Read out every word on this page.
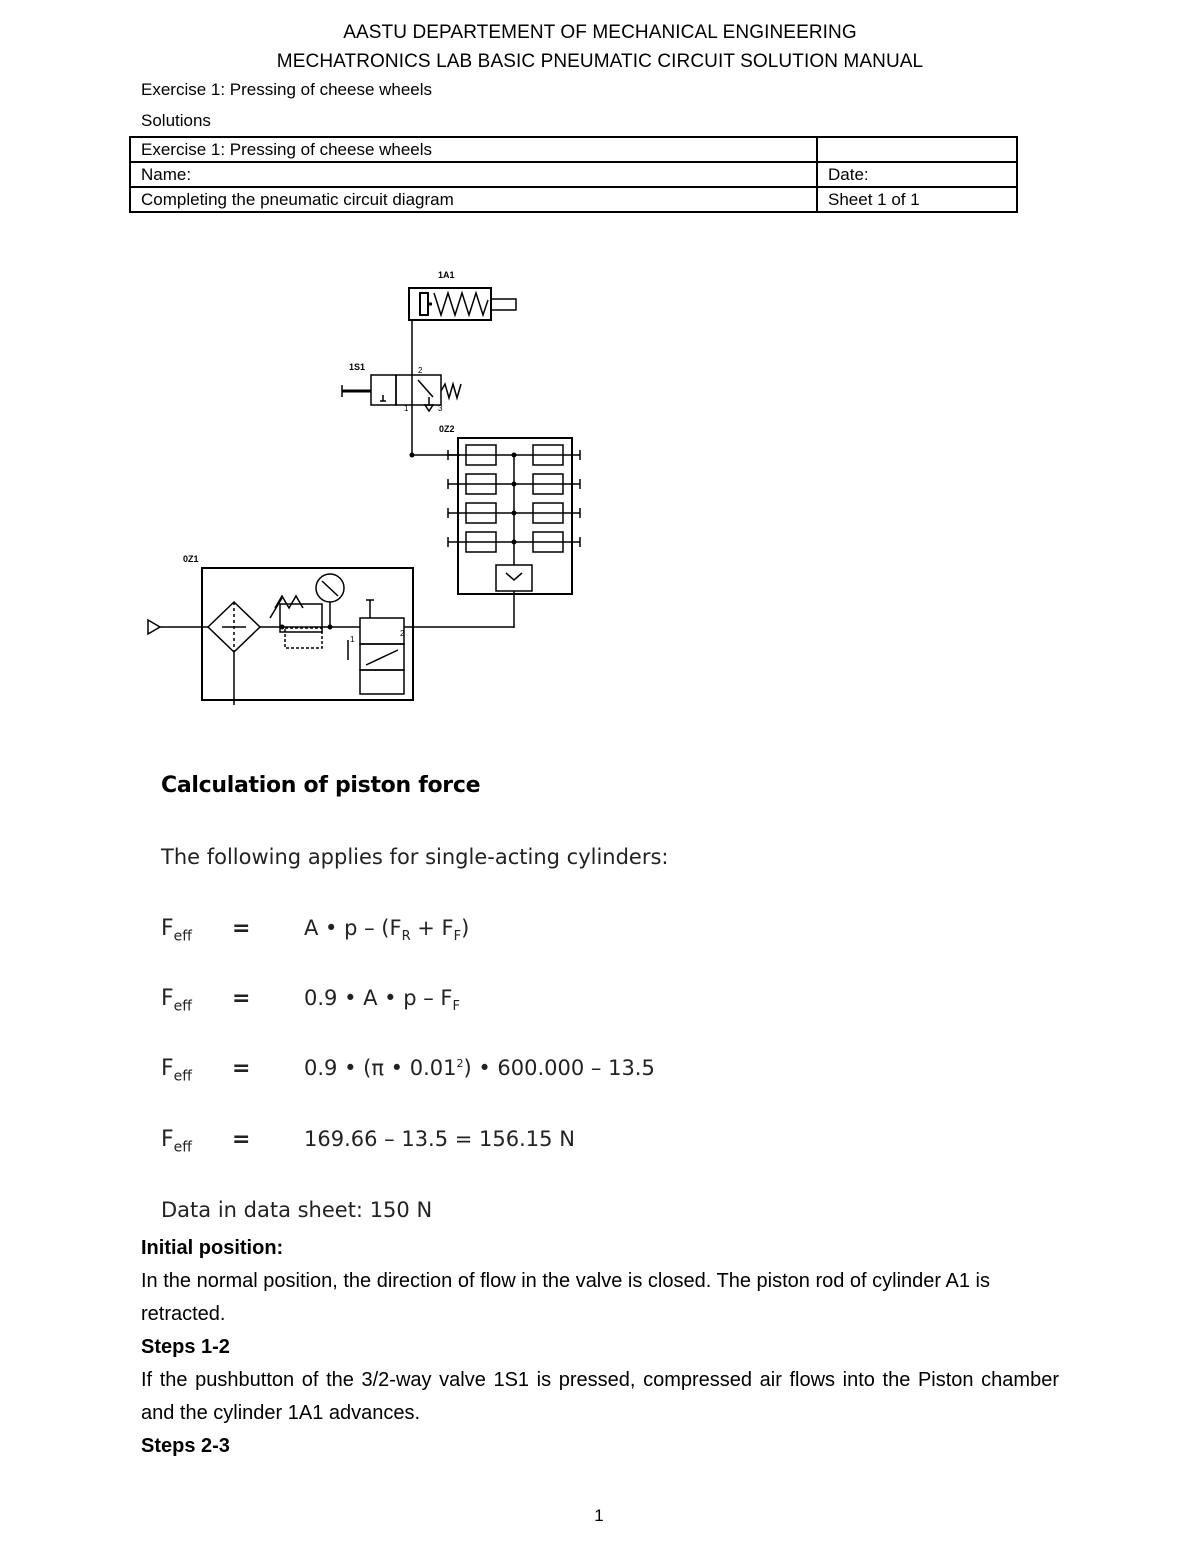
AASTU DEPARTEMENT OF MECHANICAL ENGINEERING
MECHATRONICS LAB BASIC PNEUMATIC CIRCUIT SOLUTION MANUAL
Exercise 1: Pressing of cheese wheels
Solutions
Exercise 1: Pressing of cheese wheels	
Name:	Date:
Completing the pneumatic circuit diagram	Sheet 1 of 1
1A1
1S1
0Z2
0Z1
2
1	3
1
2
Calculation of piston force
The following applies for single-acting cylinders:
$F_{eff}$ =	A • $p - (F_R + F_F)$
$F_{eff}$ =	0.9 • A • p – $F_F$
$F_{eff}$ =	0.9 • (π • 0.01$^2$) • 600.000 – 13.5
$F_{eff}$ =	169.66 – 13.5 = 156.15 N
Data in data sheet: 150 N
Initial position:
In the normal position, the direction of flow in the valve is closed. The piston rod of cylinder A1 is retracted.
Steps 1-2
If the pushbutton of the 3/2-way valve 1S1 is pressed, compressed air flows into the Piston chamber and the cylinder 1A1 advances.
Steps 2-3
1
